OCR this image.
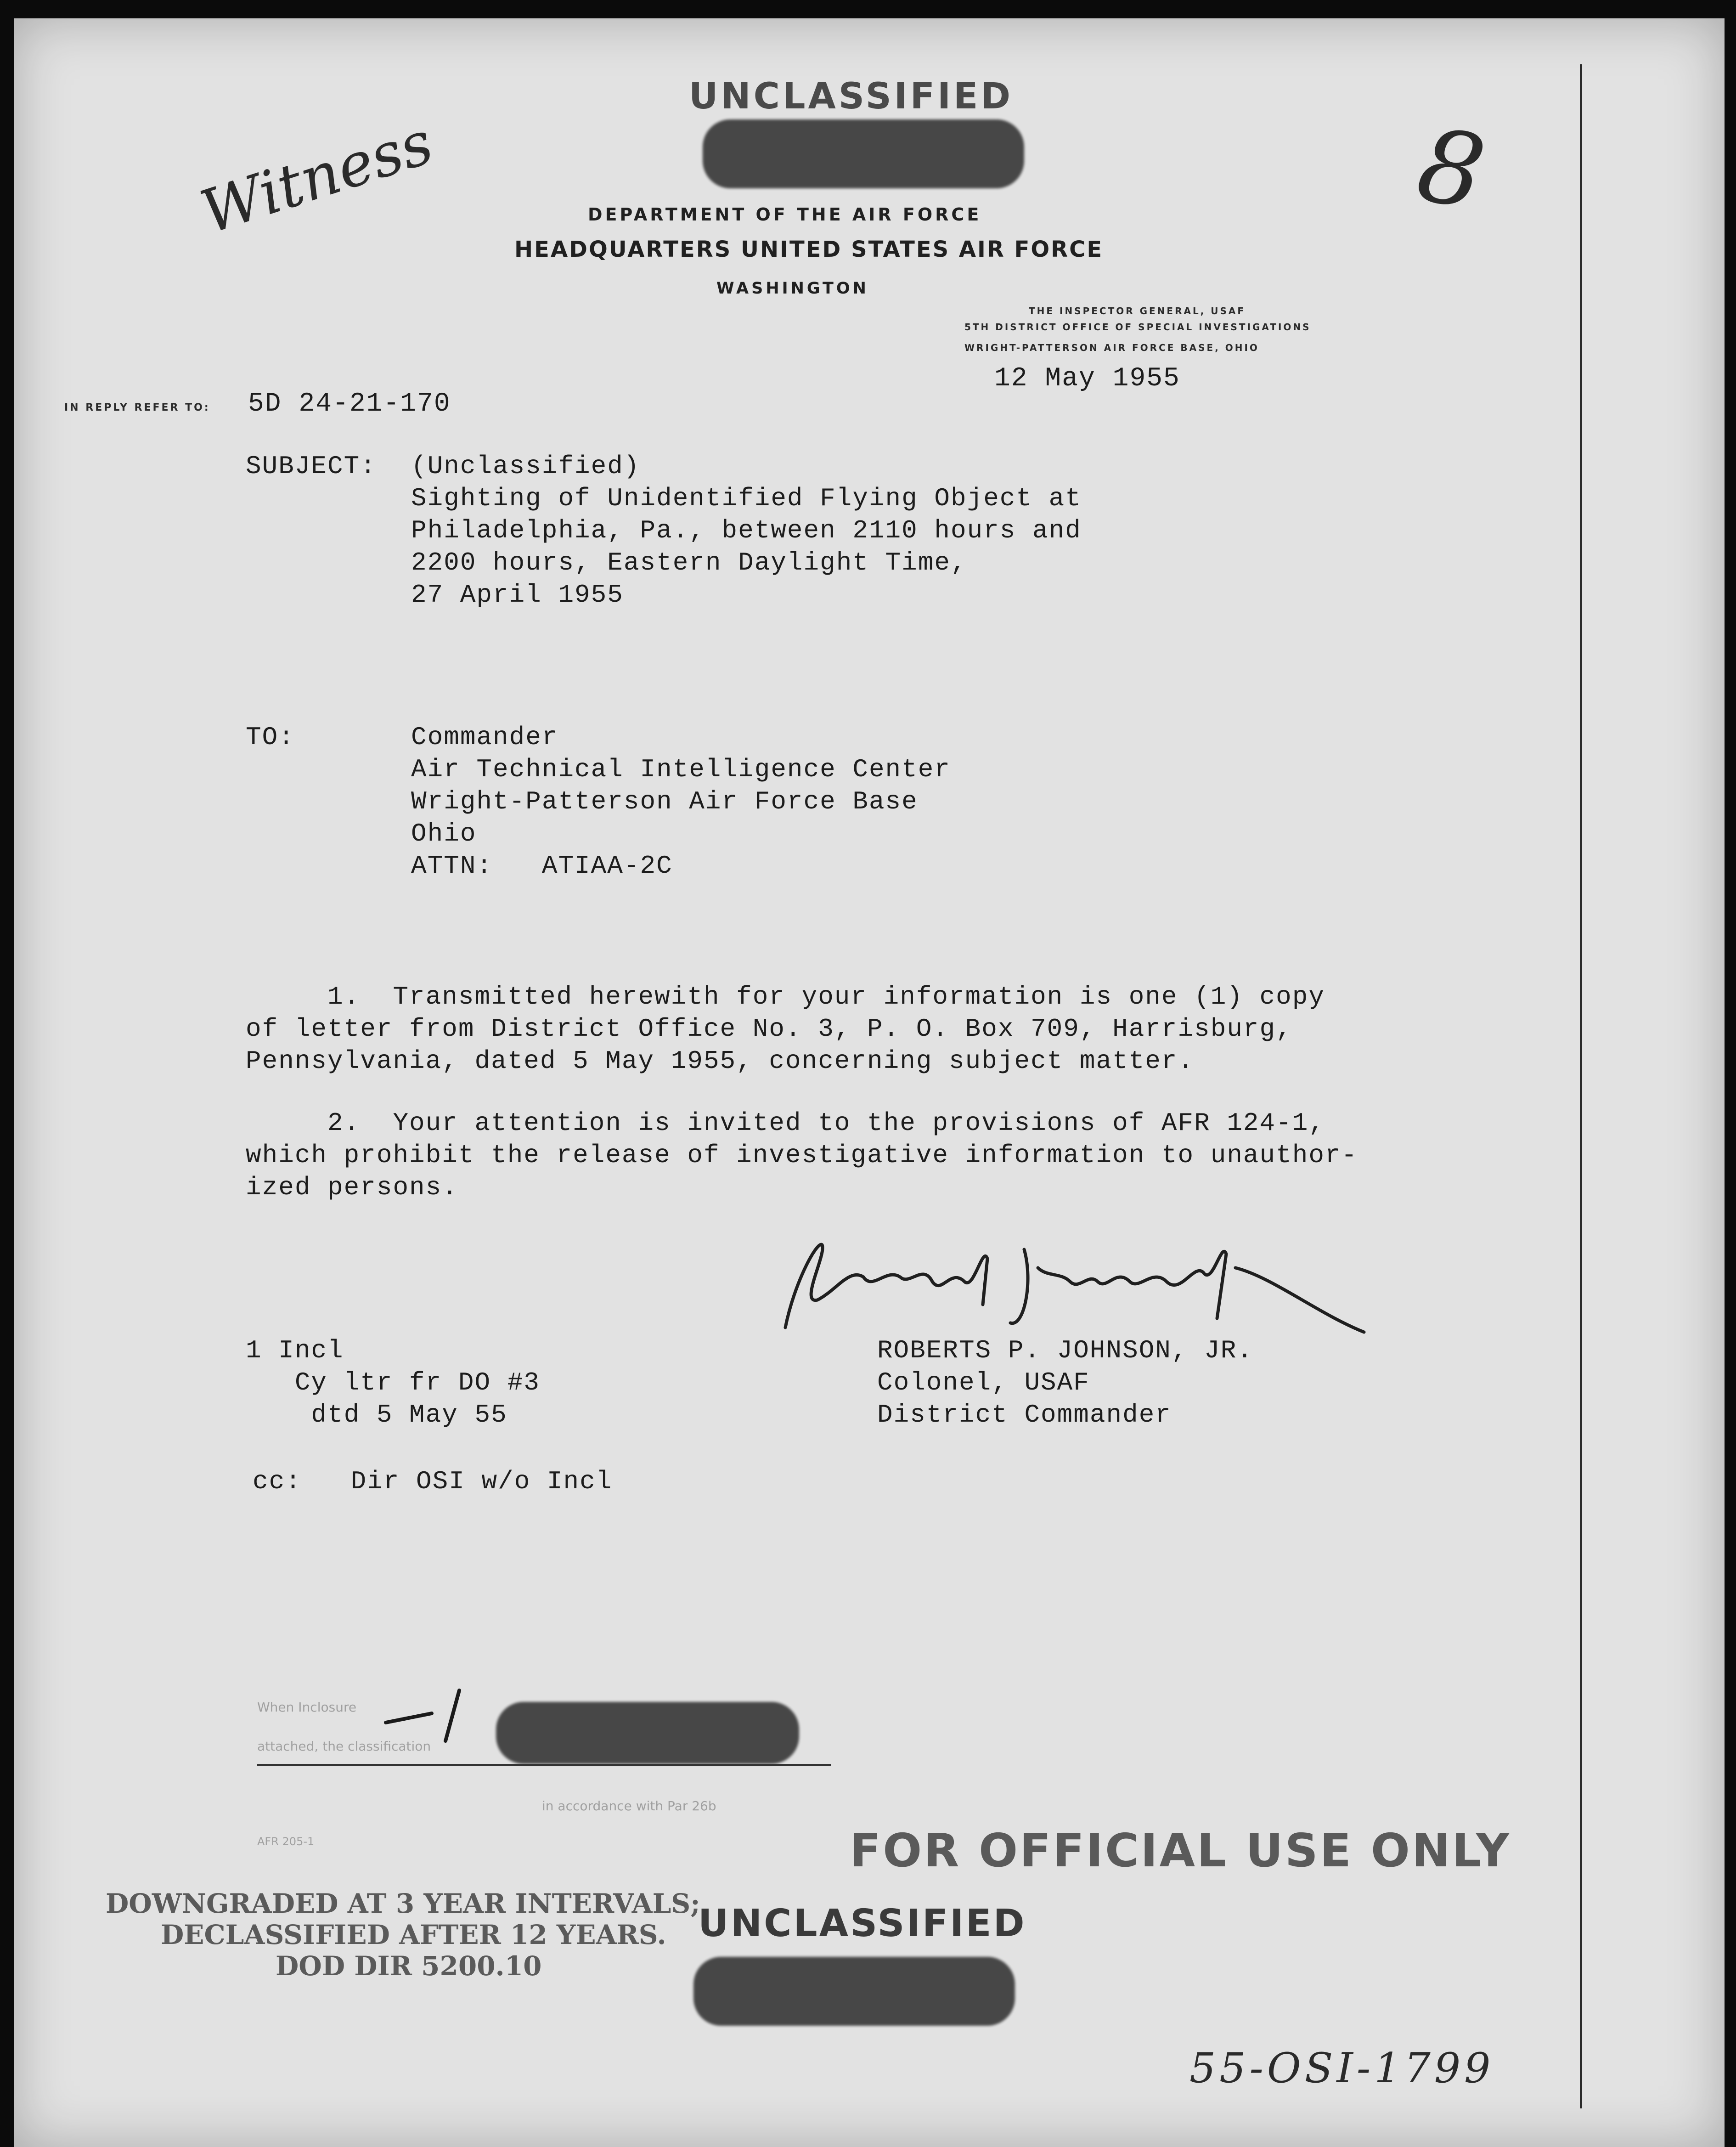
UNCLASSIFIED
Witness	8
DEPARTMENT OF THE AIR FORCE
HEADQUARTERS UNITED STATES AIR FORCE
WASHINGTON
THE INSPECTOR GENERAL, USAF
5TH DISTRICT OFFICE OF SPECIAL INVESTIGATIONS
WRIGHT-PATTERSON AIR FORCE BASE, OHIO
12 May 1955
IN REPLY REFER TO: 5D 24-21-170
SUBJECT: (Unclassified)
Sighting of Unidentified Flying Object at
Philadelphia, Pa., between 2110 hours and
2200 hours, Eastern Daylight Time,
27 April 1955
TO:	Commander
Air Technical Intelligence Center
Wright-Patterson Air Force Base
Ohio
ATTN:   ATIAA-2C
1.  Transmitted herewith for your information is one (1) copy
of letter from District Office No. 3, P. O. Box 709, Harrisburg,
Pennsylvania, dated 5 May 1955, concerning subject matter.
2.  Your attention is invited to the provisions of AFR 124-1,
which prohibit the release of investigative information to unauthor-
ized persons.
1 Incl
Cy ltr fr DO #3
dtd 5 May 55
ROBERTS P. JOHNSON, JR.
Colonel, USAF
District Commander
cc:   Dir OSI w/o Incl
When Inclosure
attached, the classification
in accordance with Par 26b
AFR 205-1	FOR OFFICIAL USE ONLY
DOWNGRADED AT 3 YEAR INTERVALS;
DECLASSIFIED AFTER 12 YEARS.
DOD DIR 5200.10
UNCLASSIFIED
55-OSI-1799
